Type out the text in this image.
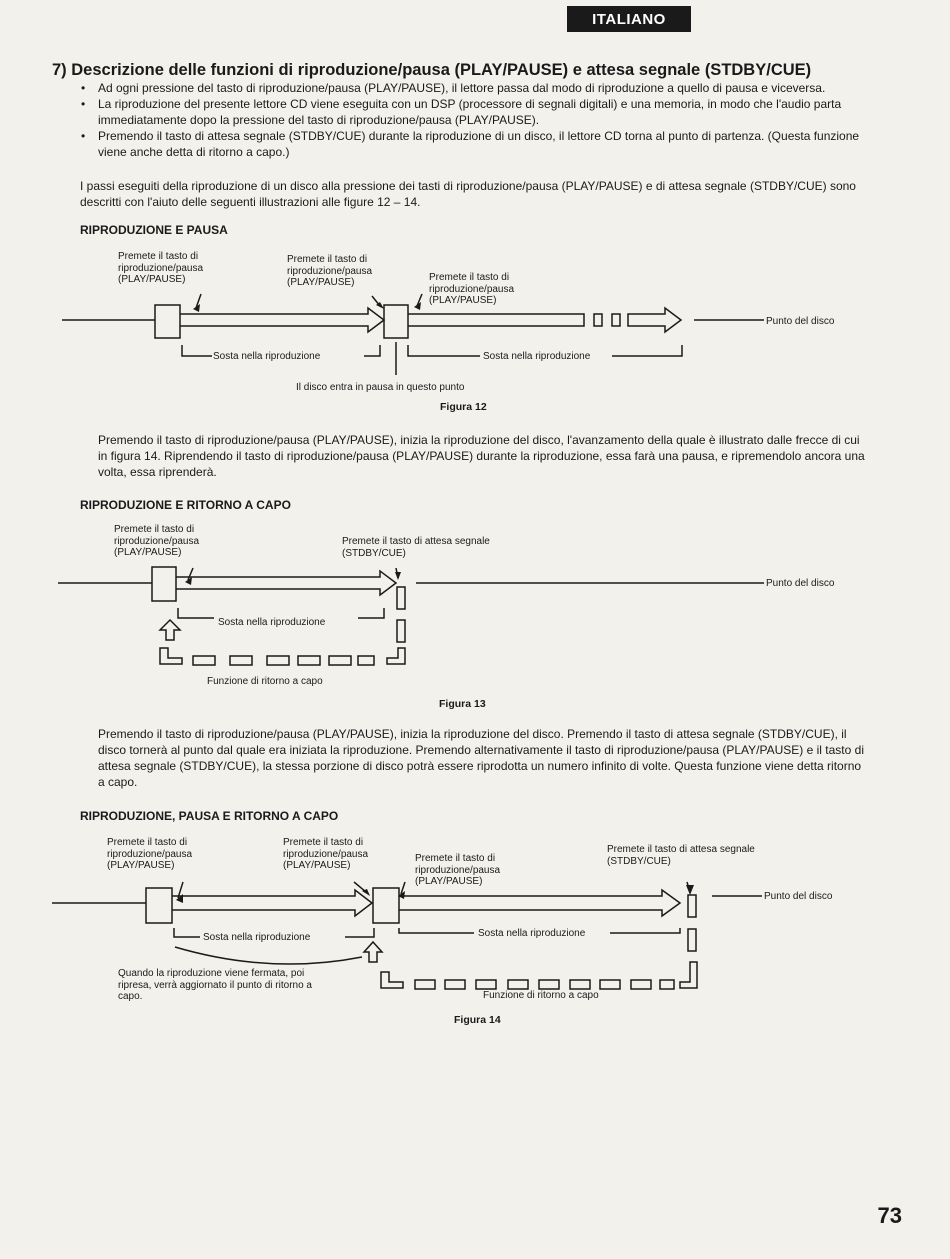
ITALIANO
7) Descrizione delle funzioni di riproduzione/pausa (PLAY/PAUSE) e attesa segnale (STDBY/CUE)
• Ad ogni pressione del tasto di riproduzione/pausa (PLAY/PAUSE), il lettore passa dal modo di riproduzione a quello di pausa e viceversa.
• La riproduzione del presente lettore CD viene eseguita con un DSP (processore di segnali digitali) e una memoria, in modo che l'audio parta immediatamente dopo la pressione del tasto di riproduzione/pausa (PLAY/PAUSE).
• Premendo il tasto di attesa segnale (STDBY/CUE) durante la riproduzione di un disco, il lettore CD torna al punto di partenza. (Questa funzione viene anche detta di ritorno a capo.)
I passi eseguiti della riproduzione di un disco alla pressione dei tasti di riproduzione/pausa (PLAY/PAUSE) e di attesa segnale (STDBY/CUE) sono descritti con l'aiuto delle seguenti illustrazioni alle figure 12 – 14.
RIPRODUZIONE E PAUSA
Premete il tasto di
riproduzione/pausa
(PLAY/PAUSE)
Premete il tasto di
riproduzione/pausa
(PLAY/PAUSE)	Premete il tasto di
riproduzione/pausa
(PLAY/PAUSE)
Punto del disco
Sosta nella riproduzione	Sosta nella riproduzione
Il disco entra in pausa in questo punto
Figura 12
Premendo il tasto di riproduzione/pausa (PLAY/PAUSE), inizia la riproduzione del disco, l'avanzamento della quale è illustrato dalle frecce di cui in figura 14. Riprendendo il tasto di riproduzione/pausa (PLAY/PAUSE) durante la riproduzione, essa farà una pausa, e ripremendolo ancora una volta, essa riprenderà.
RIPRODUZIONE E RITORNO A CAPO
Premete il tasto di
riproduzione/pausa
(PLAY/PAUSE)
Premete il tasto di attesa segnale
(STDBY/CUE)
Punto del disco
Sosta nella riproduzione
Funzione di ritorno a capo
Figura 13
Premendo il tasto di riproduzione/pausa (PLAY/PAUSE), inizia la riproduzione del disco. Premendo il tasto di attesa segnale (STDBY/CUE), il disco tornerà al punto dal quale era iniziata la riproduzione. Premendo alternativamente il tasto di riproduzione/pausa (PLAY/PAUSE) e il tasto di attesa segnale (STDBY/CUE), la stessa porzione di disco potrà essere riprodotta un numero infinito di volte. Questa funzione viene detta ritorno a capo.
RIPRODUZIONE, PAUSA E RITORNO A CAPO
Premete il tasto di
riproduzione/pausa
(PLAY/PAUSE)
Premete il tasto di
riproduzione/pausa
(PLAY/PAUSE)
Premete il tasto di
riproduzione/pausa
(PLAY/PAUSE)
Premete il tasto di attesa segnale
(STDBY/CUE)
Punto del disco
Sosta nella riproduzione	Sosta nella riproduzione
Quando la riproduzione viene fermata, poi
ripresa, verrà aggiornato il punto di ritorno a
capo.	Funzione di ritorno a capo
Figura 14
73
